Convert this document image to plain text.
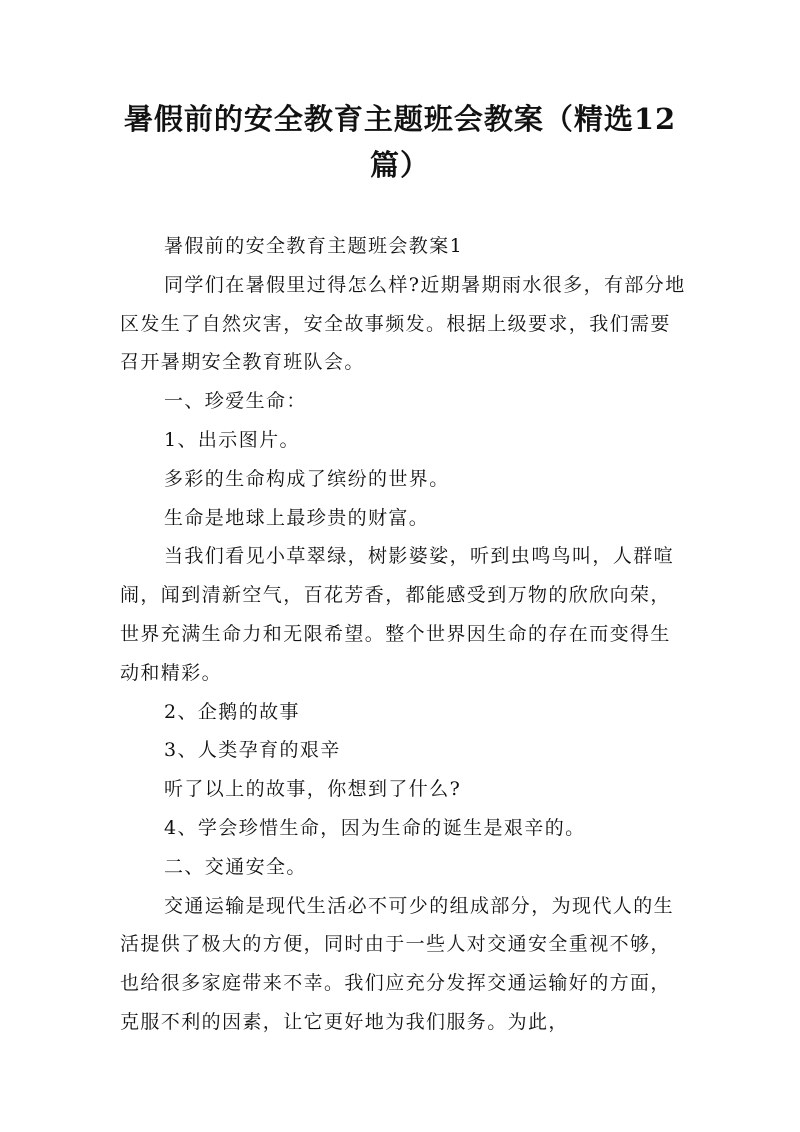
暑假前的安全教育主题班会教案（精选12篇）

暑假前的安全教育主题班会教案1

同学们在暑假里过得怎么样?近期暑期雨水很多，有部分地区发生了自然灾害，安全故事频发。根据上级要求，我们需要召开暑期安全教育班队会。

一、珍爱生命：

1、出示图片。

多彩的生命构成了缤纷的世界。

生命是地球上最珍贵的财富。

当我们看见小草翠绿，树影婆娑，听到虫鸣鸟叫，人群喧闹，闻到清新空气，百花芳香，都能感受到万物的欣欣向荣，世界充满生命力和无限希望。整个世界因生命的存在而变得生动和精彩。

2、企鹅的故事

3、人类孕育的艰辛

听了以上的故事，你想到了什么?

4、学会珍惜生命，因为生命的诞生是艰辛的。

二、交通安全。

交通运输是现代生活必不可少的组成部分，为现代人的生活提供了极大的方便，同时由于一些人对交通安全重视不够，也给很多家庭带来不幸。我们应充分发挥交通运输好的方面，克服不利的因素，让它更好地为我们服务。为此，
